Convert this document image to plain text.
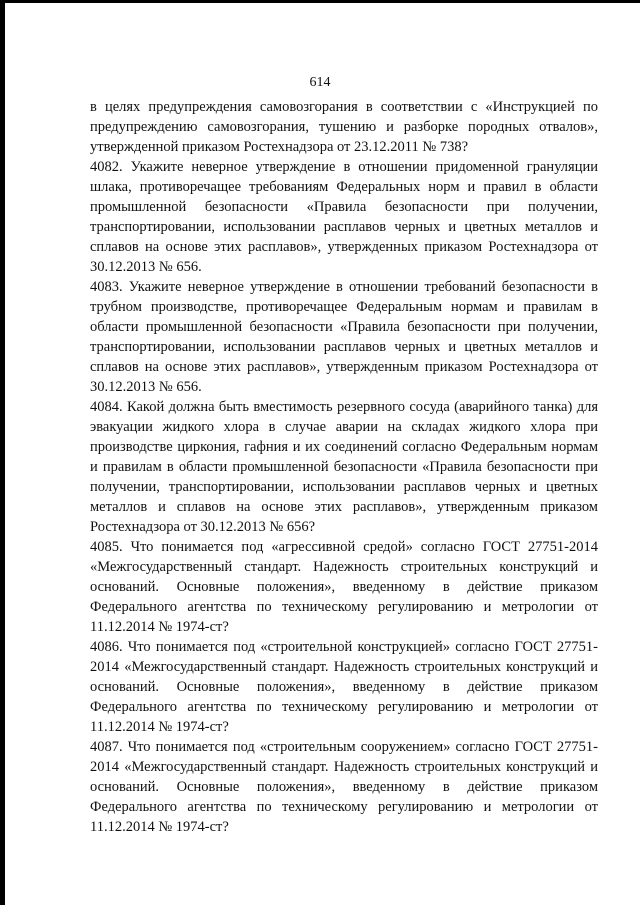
614

в целях предупреждения самовозгорания в соответствии с «Инструкцией по предупреждению самовозгорания, тушению и разборке породных отвалов», утвержденной приказом Ростехнадзора от 23.12.2011 № 738?

4082. Укажите неверное утверждение в отношении придоменной грануляции шлака, противоречащее требованиям Федеральных норм и правил в области промышленной безопасности «Правила безопасности при получении, транспортировании, использовании расплавов черных и цветных металлов и сплавов на основе этих расплавов», утвержденных приказом Ростехнадзора от 30.12.2013 № 656.

4083. Укажите неверное утверждение в отношении требований безопасности в трубном производстве, противоречащее Федеральным нормам и правилам в области промышленной безопасности «Правила безопасности при получении, транспортировании, использовании расплавов черных и цветных металлов и сплавов на основе этих расплавов», утвержденным приказом Ростехнадзора от 30.12.2013 № 656.

4084. Какой должна быть вместимость резервного сосуда (аварийного танка) для эвакуации жидкого хлора в случае аварии на складах жидкого хлора при производстве циркония, гафния и их соединений согласно Федеральным нормам и правилам в области промышленной безопасности «Правила безопасности при получении, транспортировании, использовании расплавов черных и цветных металлов и сплавов на основе этих расплавов», утвержденным приказом Ростехнадзора от 30.12.2013 № 656?

4085. Что понимается под «агрессивной средой» согласно ГОСТ 27751-2014 «Межгосударственный стандарт. Надежность строительных конструкций и оснований. Основные положения», введенному в действие приказом Федерального агентства по техническому регулированию и метрологии от 11.12.2014 № 1974-ст?

4086. Что понимается под «строительной конструкцией» согласно ГОСТ 27751-2014 «Межгосударственный стандарт. Надежность строительных конструкций и оснований. Основные положения», введенному в действие приказом Федерального агентства по техническому регулированию и метрологии от 11.12.2014 № 1974-ст?

4087. Что понимается под «строительным сооружением» согласно ГОСТ 27751-2014 «Межгосударственный стандарт. Надежность строительных конструкций и оснований. Основные положения», введенному в действие приказом Федерального агентства по техническому регулированию и метрологии от 11.12.2014 № 1974-ст?
